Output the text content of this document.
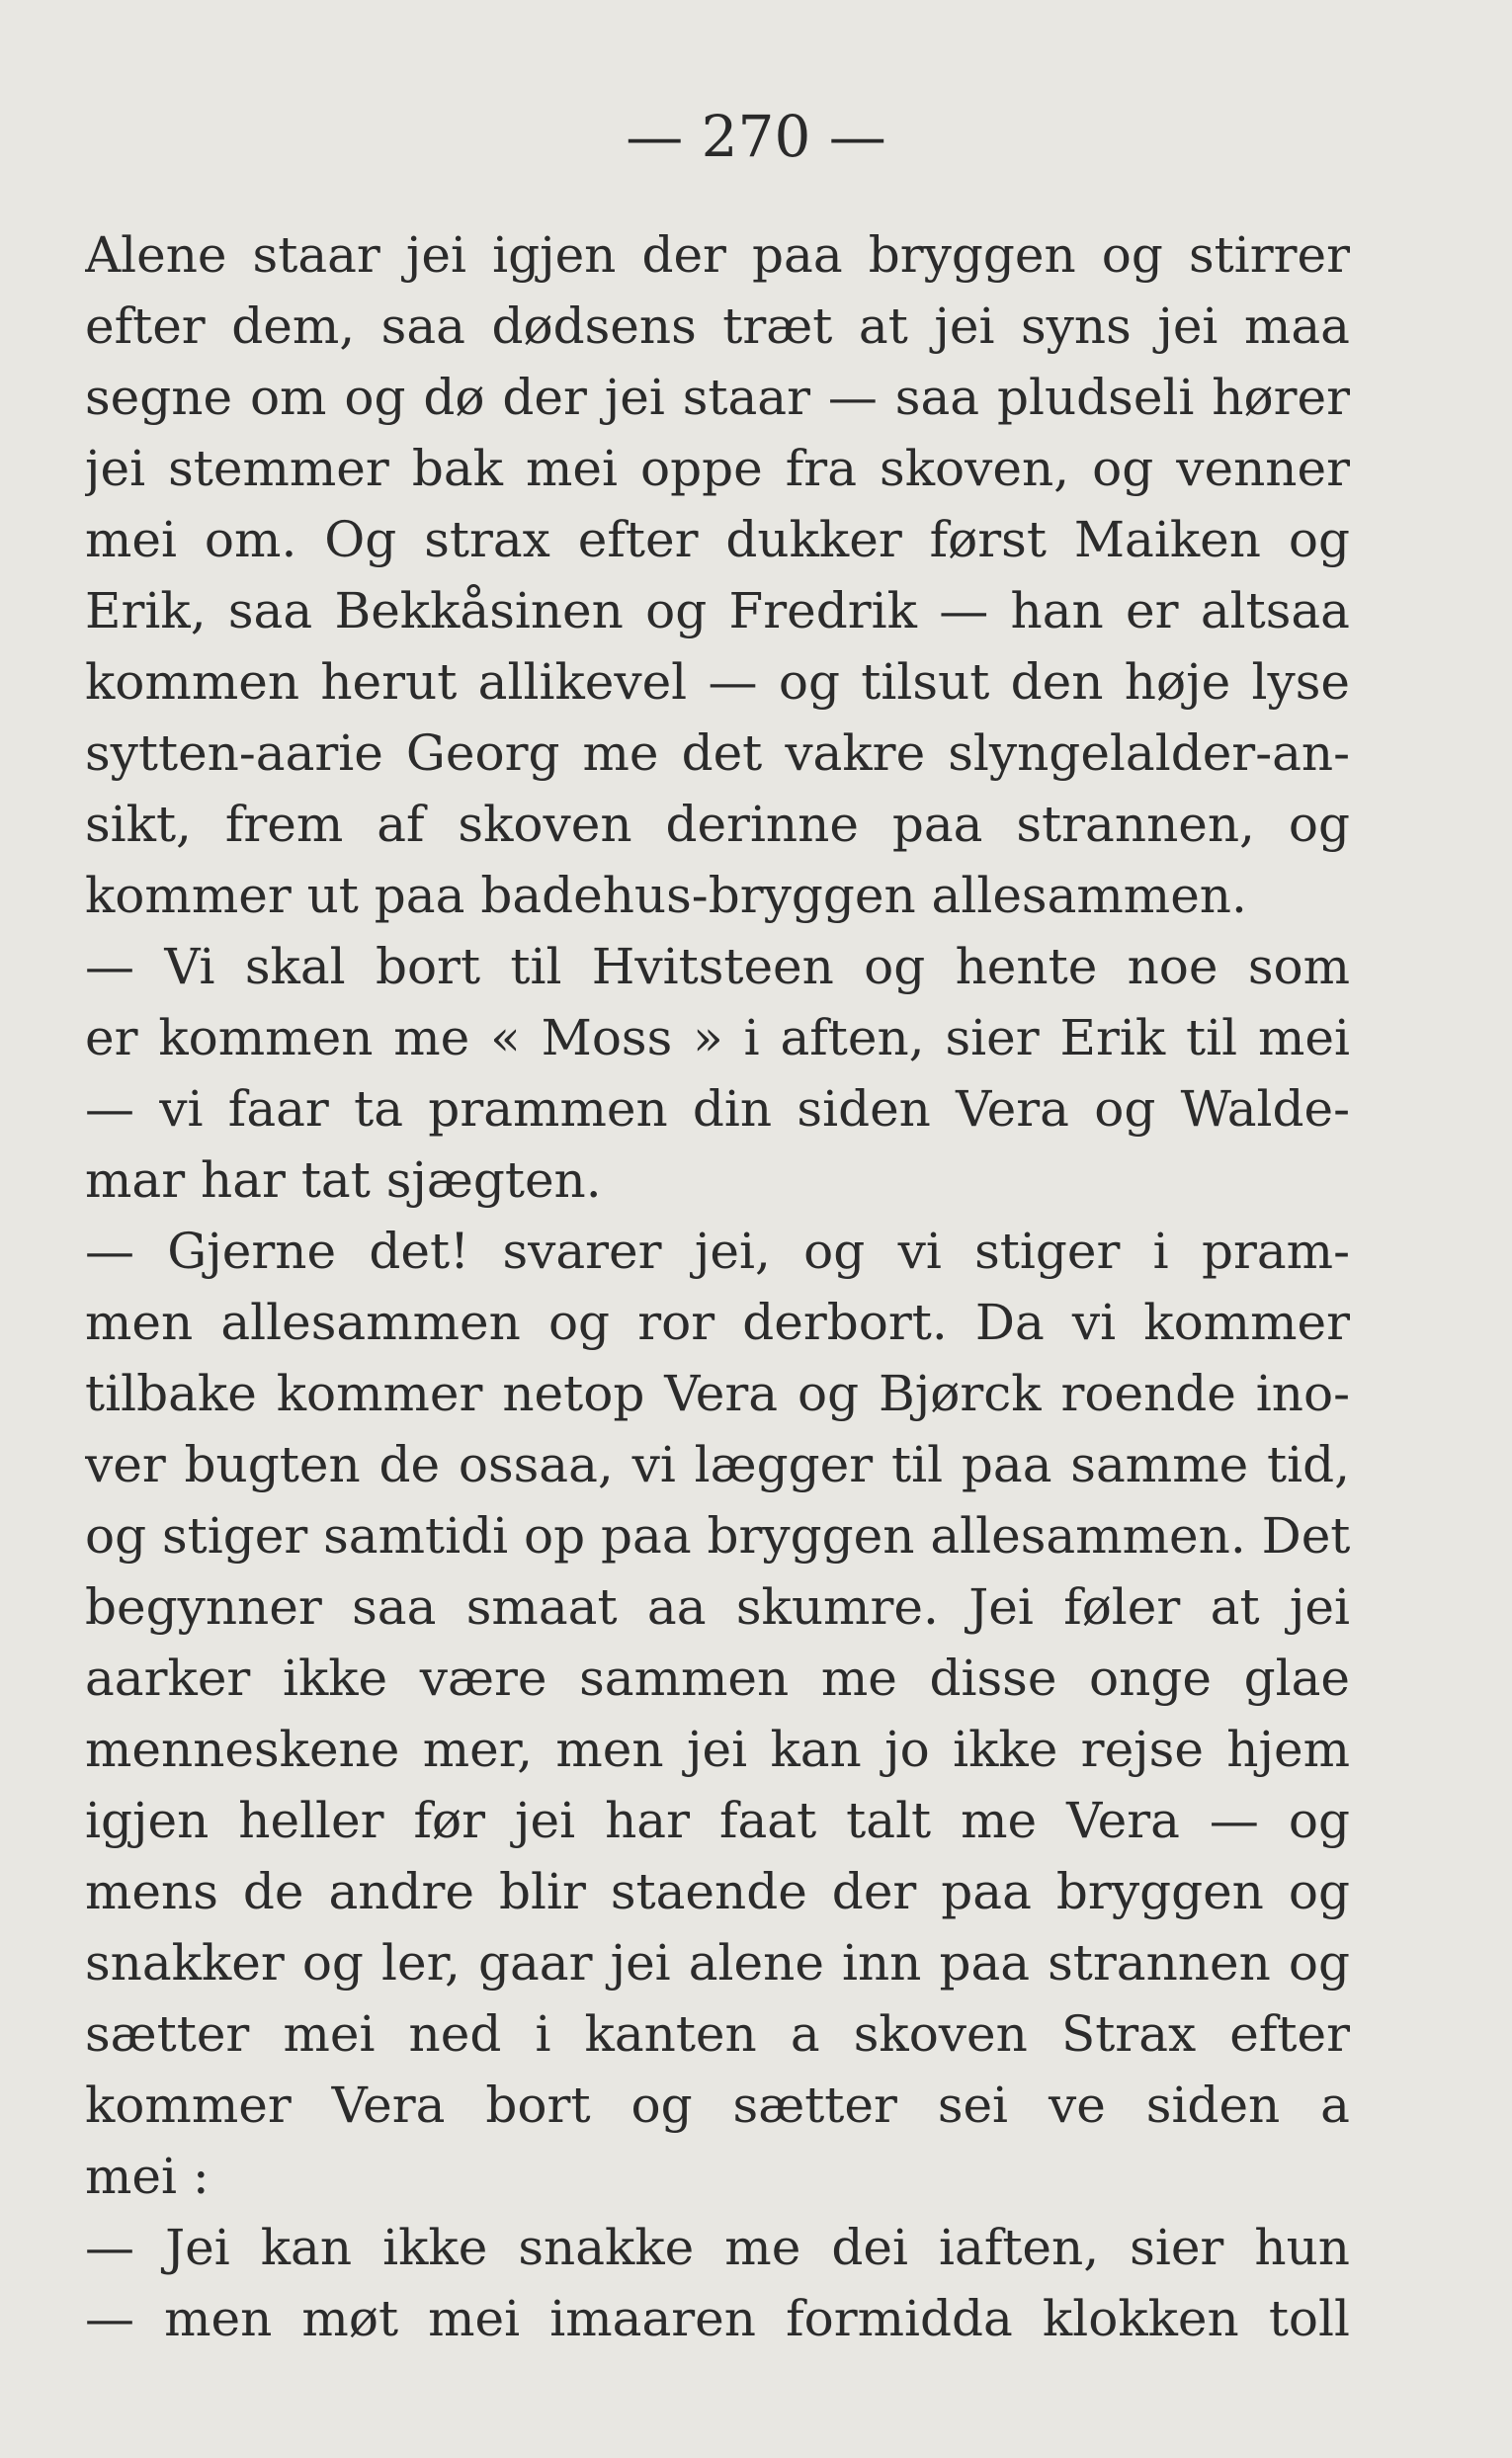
— 270 —
Alene staar jei igjen der paa bryggen og stirrer
efter dem, saa dødsens træt at jei syns jei maa
segne om og dø der jei staar — saa pludseli hører
jei stemmer bak mei oppe fra skoven, og venner
mei om. Og strax efter dukker først Maiken og
Erik, saa Bekkåsinen og Fredrik — han er altsaa
kommen herut allikevel — og tilsut den høje lyse
sytten-aarie Georg me det vakre slyngelalder-an-
sikt, frem af skoven derinne paa strannen, og
kommer ut paa badehus-bryggen allesammen.
— Vi skal bort til Hvitsteen og hente noe som
er kommen me « Moss » i aften, sier Erik til mei
— vi faar ta prammen din siden Vera og Walde-
mar har tat sjægten.
— Gjerne det! svarer jei, og vi stiger i pram-
men allesammen og ror derbort. Da vi kommer
tilbake kommer netop Vera og Bjørck roende ino-
ver bugten de ossaa, vi lægger til paa samme tid,
og stiger samtidi op paa bryggen allesammen. Det
begynner saa smaat aa skumre. Jei føler at jei
aarker ikke være sammen me disse onge glae
menneskene mer, men jei kan jo ikke rejse hjem
igjen heller før jei har faat talt me Vera — og
mens de andre blir staende der paa bryggen og
snakker og ler, gaar jei alene inn paa strannen og
sætter mei ned i kanten a skoven Strax efter
kommer Vera bort og sætter sei ve siden a
mei :
— Jei kan ikke snakke me dei iaften, sier hun
— men møt mei imaaren formidda klokken toll
